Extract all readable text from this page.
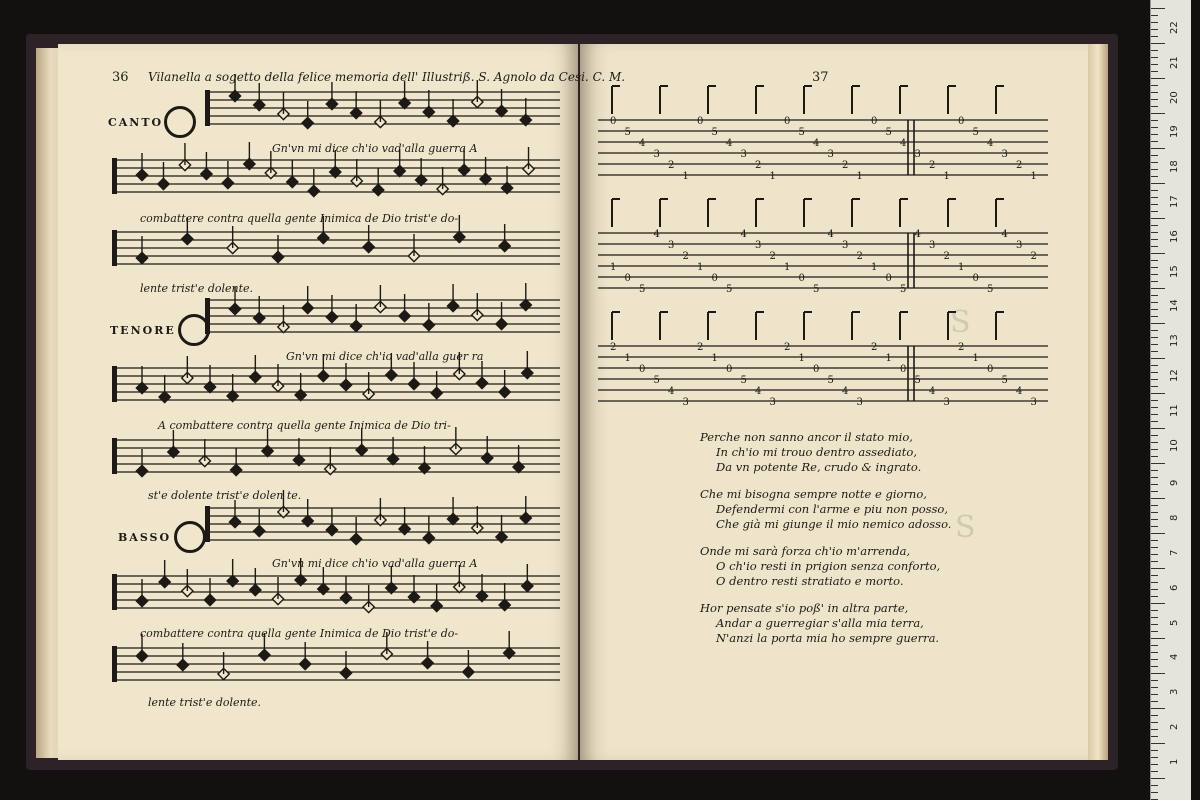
S
S
36 Vilanella a sogetto della felice memoria dell' Illustriß. S. Agnolo da Cesi. C. M.
CANTO
TENORE
BASSO
Gn'vn mi dice ch'io vad'alla guerra A
combattere contra quella gente Inimica de Dio trist'e do-
lente trist'e dolente.
Gn'vn mi dice ch'io vad'alla guer ra
A combattere contra quella gente Inimica de Dio tri-
st'e dolente trist'e dolen te.
Gn'vn mi dice ch'io vad'alla guerra A
combattere contra quella gente Inimica de Dio trist'e do-
lente trist'e dolente.
37
0
5
4
3
2
1
0
5
4
3
2
1
0
5
4
3
2
1
0
5
4
3
2
1
0
5
4
3
2
1
1
0
5
4
3
2
1
0
5
4
3
2
1
0
5
4
3
2
1
0
5
4
3
2
1
0
5
4
3
2
2
1
0
5
4
3
2
1
0
5
4
3
2
1
0
5
4
3
2
1
0
5
4
3
2
1
0
5
4
3
Perche non sanno ancor il stato mio,
In ch'io mi trouo dentro assediato,
Da vn potente Re, crudo & ingrato.
Che mi bisogna sempre notte e giorno,
Defendermi con l'arme e piu non posso,
Che già mi giunge il mio nemico adosso.
Onde mi sarà forza ch'io m'arrenda,
O ch'io resti in prigion senza conforto,
O dentro resti stratiato e morto.
Hor pensate s'io poß' in altra parte,
Andar a guerregiar s'alla mia terra,
N'anzi la porta mia ho sempre guerra.
22
21
20
19
18
17
16
15
14
13
12
11
10
9
8
7
6
5
4
3
2
1
